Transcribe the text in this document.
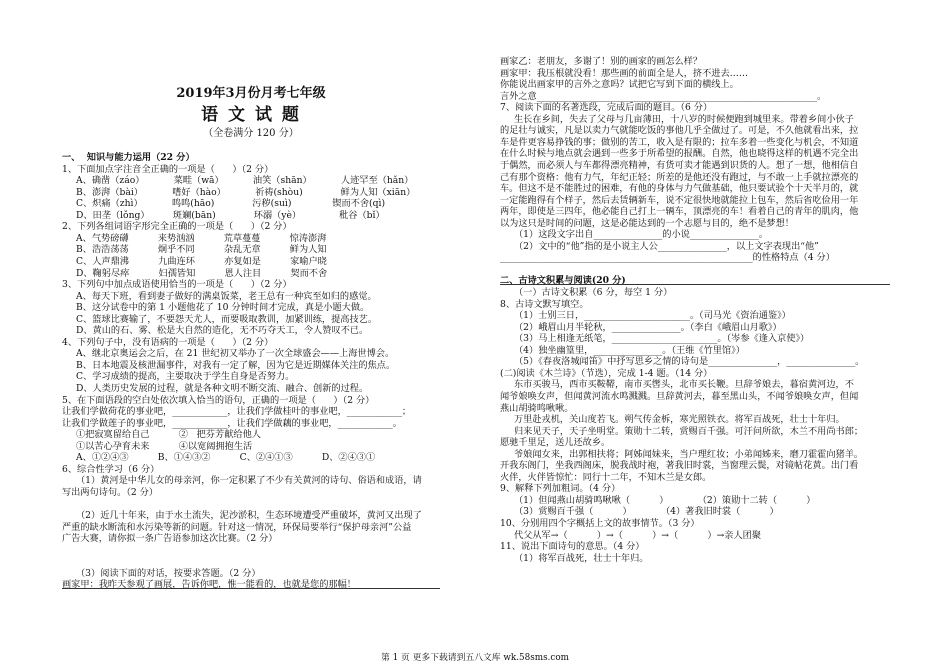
2019年3月份月考七年级
语 文 试 题
（全卷满分 120 分）
一、  知识与能力运用（22 分）
1、下面加点字注音全正确的一项是（      ）（2 分）
A、确凿（záo）          菜畦（wā）          油笑（shān）          人迹罕至（hǎn）
B、澎湃（bài）          嗜好（hào）          祈祷(shòu)             鲜为人知（xiān）
C、炽痛（zhì）          鸣鸣(hāo)             污秽(suì)              锲而不舍(qì)
D、田垄（lǒng）        斑斓(bān)             环溺（yè）             秕谷（bǐ）
2、下列各组词语字形完全正确的一项是（      ）（2 分）
A、气势磅礴          来势汹汹          荒草蔓蔓          惊涛澎湃
B、浩浩荡荡          炯乎不同          杂乱无章          鲜为人知
C、人声鼎沸          九曲连环          亦复如是          家喻户晓
D、鞠躬尽瘁          妇孺皆知          恩人注目          契而不舍
3、下列句中加点成语使用恰当的一项是（      ）（2 分）
A、每天下班，看到妻子做好的满桌饭菜，老王总有一种宾至如归的感觉。
B、这分试卷中的第 1 小题他花了 10 分钟时间才完成，真是小题大做。
C、篮球比赛输了，不要怨天尤人，而要吸取教训，加紧训练，提高技艺。
D、黄山的石、雾、松是大自然的造化，无不巧夺天工，令人赞叹不已。
4、下列句子中，没有语病的一项是（      ）（2 分）
A、继北京奥运会之后，在 21 世纪初又举办了一次全球盛会——上海世博会。
B、日本地震及核泄漏事件，对我有一定了解，因为它是近期媒体关注的焦点。
C、学习成绩的提高，主要取决于学生自身是否努力。
D、人类历史发展的过程，就是各种文明不断交流、融合、创新的过程。
5、在下面语段的空白处依次填入恰当的语句，正确的一项是（      ）（2 分）
让我们学做荷花的事业吧，____________，让我们学做桂叶的事业吧，____________；
让我们学做莲子的事业吧，____________，让我们学做藕的事业吧，____________。
①把寂寞留给自己          ②   把芬芳献给他人
①以苦心孕育未来          ④以宽阔拥抱生活
A、①②④③          B、①④③②          C、②④①③          D、②④③①
6、综合性学习（6 分）
（1）黄河是中华儿女的母亲河，你一定积累了不少有关黄河的诗句、俗语和成语，请
写出两句诗句。（2 分）
（2）近几十年来，由于水土流失，泥沙淤积，生态环境遭受严重破坏，黄河又出现了
严重的缺水断流和水污染等新的问题。针对这一情况，环保局要举行“保护母亲河”公益
广告大赛，请你拟一条广告语参加这次比赛。（2 分）
（3）阅读下面的对话，按要求答题。（2 分）
画家甲：我昨天参观了画展，告诉你吧，惟一能看的，也就是您的那幅！
画家乙：老朋友，多谢了！别的画家的画怎么样？
画家甲：我压根就没看！那些画的前面全是人，挤不进去……
你能说出画家甲的言外之意吗？试把它写到下面的横线上。
言外之意_____________________________________________________________。
7、阅读下面的名著选段，完成后面的题目。（6 分）
生长在乡间，失去了父母与几亩薄田，十八岁的时候便跑到城里来。带着乡间小伙子
的足壮与诚实，凡是以卖力气就能吃饭的事他几乎全做过了。可是，不久他就看出来，拉
车是件更容易挣钱的事；做别的苦工，收入是有限的；拉车多着一些变化与机会，不知道
在什么时候与地点就会遇到一些多于所希望的报酬。自然，他也晓得这样的机遇不完全出
于偶然，而必须人与车都得漂亮精神，有货可卖才能遇到识货的人。想了一想，他相信自
己有那个资格：他有力气，年纪正轻；所差的是他还没有跑过，与不敢一上手就拉漂亮的
车。但这不是不能胜过的困难，有他的身体与力气做基础，他只要试验个十天半月的，就
一定能跑得有个样子，然后去赁辆新车，说不定很快地就能拉上包车，然后省吃俭用一年
两年，即使是三四年，他必能自己打上一辆车，顶漂亮的车！看着自己的青年的肌肉，他
以为这只是时间的问题，这是必能达到的一个志愿与目的，绝不是梦想！
（1）这段文字出自_______________的小说_______________。
（2）文中的“他”指的是小说主人公_______________，以上文字表现出“他”
_______________________________________________________的性格特点（4 分）
二、古诗文积累与阅读(20 分)
（一）古诗文积累（6 分，每空 1 分）
8、古诗文默写填空。
（1）士别三日，_______________________。（司马光《资治通鉴》）
（2）峨眉山月半轮秋，_______________。（李白《峨眉山月歌》）
（3）马上相逢无纸笔，_______________________。（岑参《逢入京使》）
（4）独坐幽篁里，_______________。（王维《竹里馆》）
（5）《春夜洛城闻笛》中抒写思乡之情的诗句是_______________，_______________。
(二)阅读《木兰诗》（节选），完成 1-4 题。（14 分）
东市买骏马，西市买鞍鞯，南市买辔头，北市买长鞭。旦辞爷娘去，暮宿黄河边，不
闻爷娘唤女声，但闻黄河流水鸣溅溅。旦辞黄河去，暮至黑山头，不闻爷娘唤女声，但闻
燕山胡骑鸣啾啾。
万里赴戎机，关山度若飞。朔气传金柝，寒光照铁衣。将军百战死，壮士十年归。
归来见天子，天子坐明堂。策勋十二转，赏赐百千强。可汗问所欲，木兰不用尚书郎；
愿驰千里足，送儿还故乡。
爷娘闻女来，出郭相扶将；阿姊闻妹来，当户理红妆；小弟闻姊来，磨刀霍霍向猪羊。
开我东阁门，坐我西阁床，脱我战时袍，著我旧时裳，当窗理云鬓，对镜帖花黄。出门看
火伴，火伴皆惊忙：同行十二年，不知木兰是女郎。
9、解释下列加粗词。（4 分）
（1）但闻燕山胡骑鸣啾啾（          ）          （2）策勋十二转（          ）
（3）赏赐百千强（          ）          （4）著我旧时裳（          ）
10、分别用四个字概括上文的故事情节。（3 分）
代父从军→（          ）→（          ）→（          ）→亲人团聚
11、说出下面诗句的意思。（4 分）
（1）将军百战死，壮士十年归。
第 1 页 更多下载请到五八文库 wk.58sms.com
